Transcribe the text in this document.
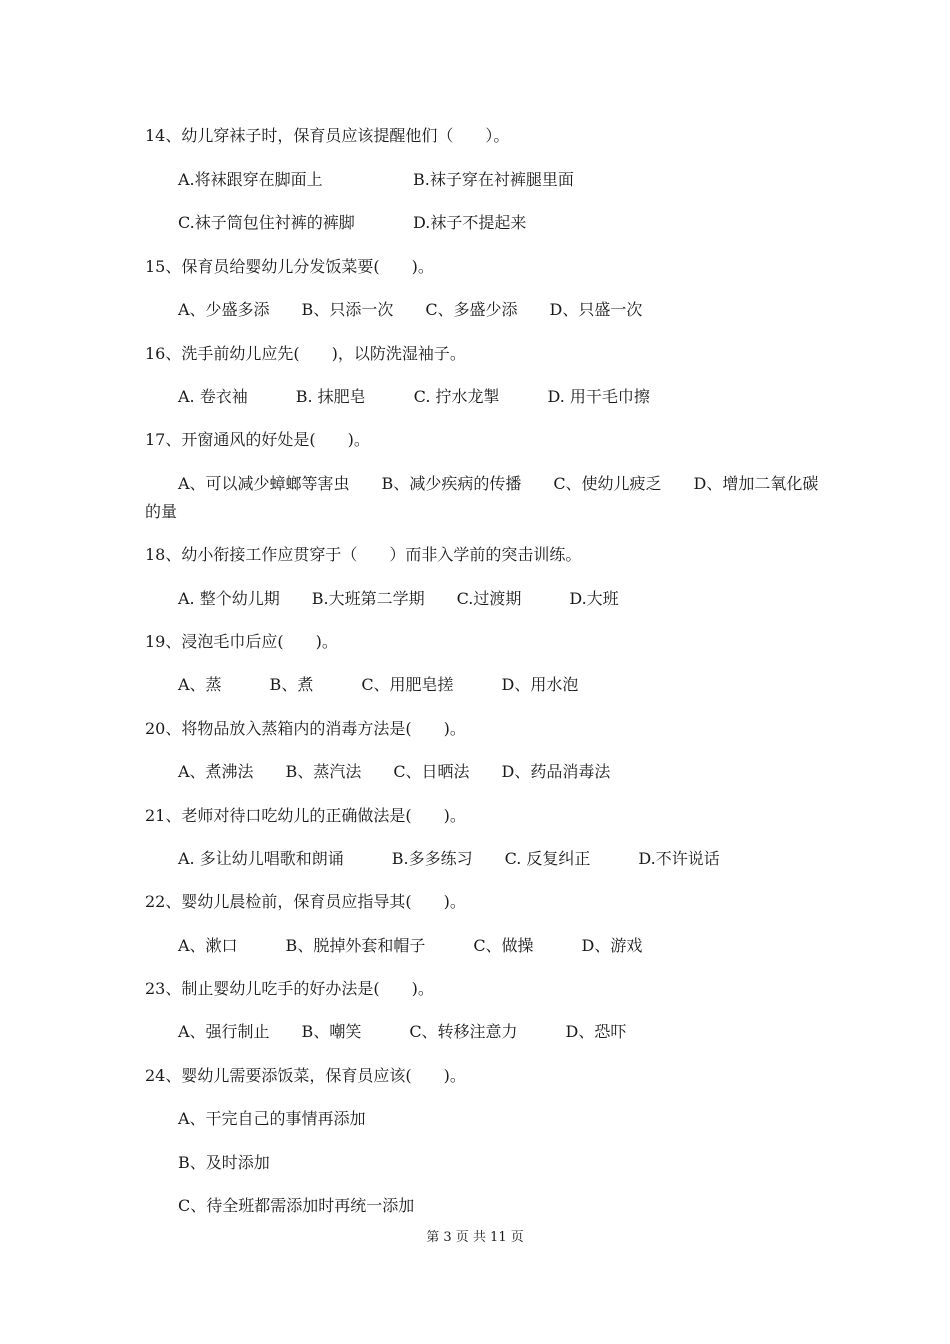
14、幼儿穿袜子时，保育员应该提醒他们（　　）。
A.将袜跟穿在脚面上	B.袜子穿在衬裤腿里面
C.袜子筒包住衬裤的裤脚	D.袜子不提起来
15、保育员给婴幼儿分发饭菜要(　　)。
A、少盛多添　　B、只添一次　　C、多盛少添　　D、只盛一次
16、洗手前幼儿应先(　　)，以防洗湿袖子。
A. 卷衣袖　　　B. 抹肥皂　　　C. 拧水龙掣　　　D. 用干毛巾擦
17、开窗通风的好处是(　　)。
A、可以减少蟑螂等害虫　　B、减少疾病的传播　　C、使幼儿疲乏　　D、增加二氧化碳
的量
18、幼小衔接工作应贯穿于（　　）而非入学前的突击训练。
A. 整个幼儿期　　B.大班第二学期　　C.过渡期　　　D.大班
19、浸泡毛巾后应(　　)。
A、蒸　　　B、煮　　　C、用肥皂搓　　　D、用水泡
20、将物品放入蒸箱内的消毒方法是(　　)。
A、煮沸法　　B、蒸汽法　　C、日晒法　　D、药品消毒法
21、老师对待口吃幼儿的正确做法是(　　)。
A. 多让幼儿唱歌和朗诵　　　B.多多练习　　C. 反复纠正　　　D.不许说话
22、婴幼儿晨检前，保育员应指导其(　　)。
A、漱口　　　B、脱掉外套和帽子　　　C、做操　　　D、游戏
23、制止婴幼儿吃手的好办法是(　　)。
A、强行制止　　B、嘲笑　　　C、转移注意力　　　D、恐吓
24、婴幼儿需要添饭菜，保育员应该(　　)。
A、干完自己的事情再添加
B、及时添加
C、待全班都需添加时再统一添加
第 3 页 共 11 页
